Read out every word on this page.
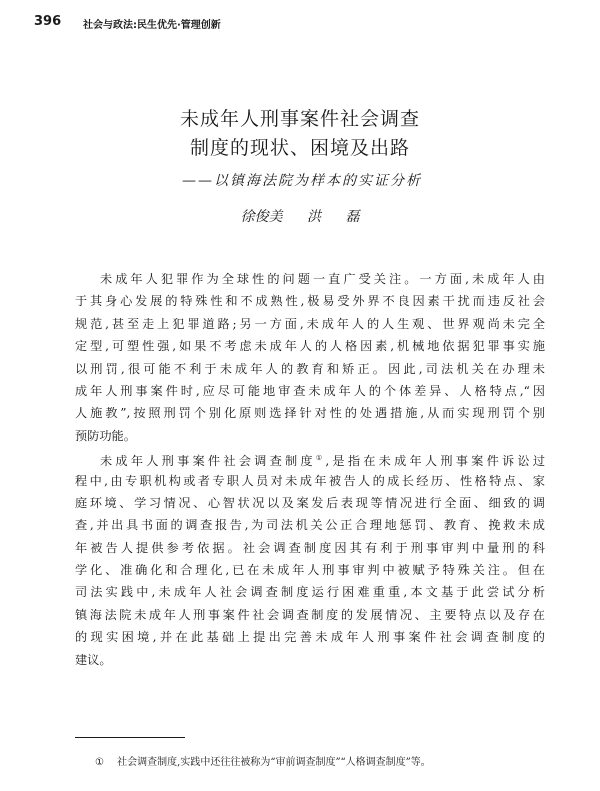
396 社会与政法:民生优先·管理创新
未成年人刑事案件社会调查
制度的现状、困境及出路
——以镇海法院为样本的实证分析
徐俊美 洪 磊
未成年人犯罪作为全球性的问题一直广受关注。一方面,未成年人由
于其身心发展的特殊性和不成熟性,极易受外界不良因素干扰而违反社会
规范,甚至走上犯罪道路;另一方面,未成年人的人生观、世界观尚未完全
定型,可塑性强,如果不考虑未成年人的人格因素,机械地依据犯罪事实施
以刑罚,很可能不利于未成年人的教育和矫正。因此,司法机关在办理未
成年人刑事案件时,应尽可能地审查未成年人的个体差异、人格特点,“因
人施教”,按照刑罚个别化原则选择针对性的处遇措施,从而实现刑罚个别
预防功能。
未成年人刑事案件社会调查制度①,是指在未成年人刑事案件诉讼过
程中,由专职机构或者专职人员对未成年被告人的成长经历、性格特点、家
庭环境、学习情况、心智状况以及案发后表现等情况进行全面、细致的调
查,并出具书面的调查报告,为司法机关公正合理地惩罚、教育、挽救未成
年被告人提供参考依据。社会调查制度因其有利于刑事审判中量刑的科
学化、准确化和合理化,已在未成年人刑事审判中被赋予特殊关注。但在
司法实践中,未成年人社会调查制度运行困难重重,本文基于此尝试分析
镇海法院未成年人刑事案件社会调查制度的发展情况、主要特点以及存在
的现实困境,并在此基础上提出完善未成年人刑事案件社会调查制度的
建议。
① 社会调查制度,实践中还往往被称为“审前调查制度”“人格调查制度”等。
